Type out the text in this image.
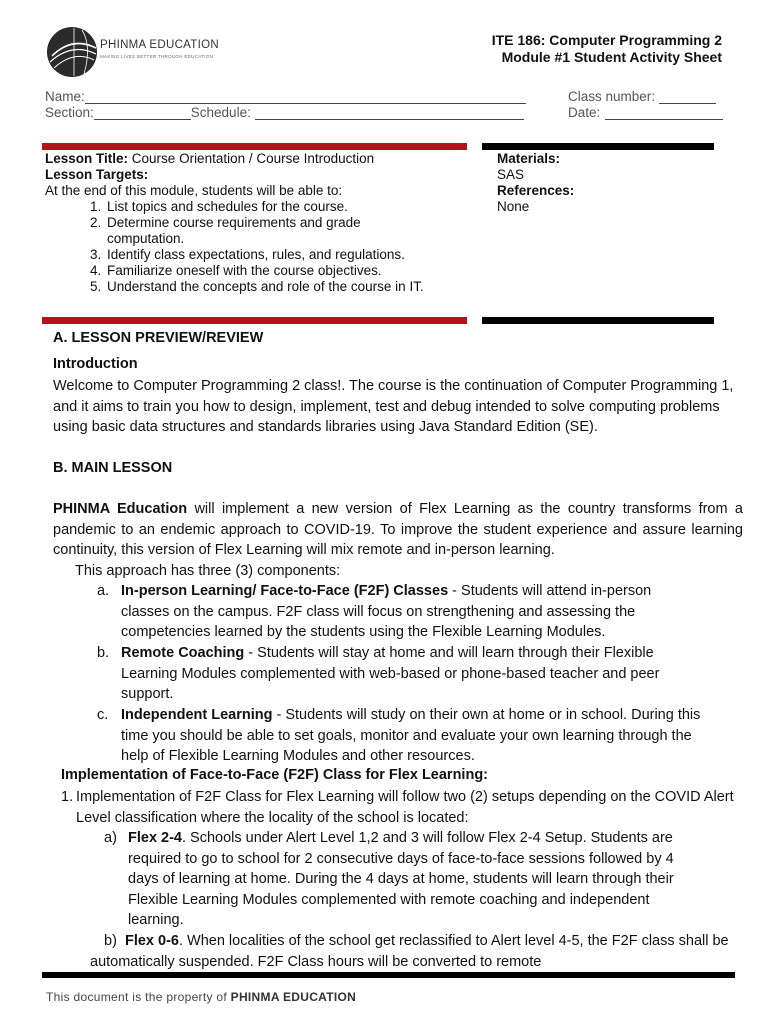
PHINMA EDUCATION
MAKING LIVES BETTER THROUGH EDUCATION
ITE 186: Computer Programming 2
Module #1 Student Activity Sheet
Name:
Section:	Schedule:
Class number:
Date:
Lesson Title: Course Orientation / Course Introduction
Lesson Targets:
At the end of this module, students will be able to:
1. List topics and schedules for the course.
2. Determine course requirements and grade computation.
3. Identify class expectations, rules, and regulations.
4. Familiarize oneself with the course objectives.
5. Understand the concepts and role of the course in IT.
Materials:
SAS
References:
None
A. LESSON PREVIEW/REVIEW
Introduction
Welcome to Computer Programming 2 class!. The course is the continuation of Computer Programming 1, and it aims to train you how to design, implement, test and debug intended to solve computing problems using basic data structures and standards libraries using Java Standard Edition (SE).
B. MAIN LESSON
PHINMA Education will implement a new version of Flex Learning as the country transforms from a pandemic to an endemic approach to COVID-19. To improve the student experience and assure learning continuity, this version of Flex Learning will mix remote and in-person learning.
This approach has three (3) components:
a. In-person Learning/ Face-to-Face (F2F) Classes - Students will attend in-person classes on the campus. F2F class will focus on strengthening and assessing the competencies learned by the students using the Flexible Learning Modules.
b. Remote Coaching - Students will stay at home and will learn through their Flexible Learning Modules complemented with web-based or phone-based teacher and peer support.
c. Independent Learning - Students will study on their own at home or in school. During this time you should be able to set goals, monitor and evaluate your own learning through the help of Flexible Learning Modules and other resources.
Implementation of Face-to-Face (F2F) Class for Flex Learning:
1. Implementation of F2F Class for Flex Learning will follow two (2) setups depending on the COVID Alert Level classification where the locality of the school is located:
a) Flex 2-4. Schools under Alert Level 1,2 and 3 will follow Flex 2-4 Setup. Students are required to go to school for 2 consecutive days of face-to-face sessions followed by 4 days of learning at home. During the 4 days at home, students will learn through their Flexible Learning Modules complemented with remote coaching and independent learning.
b) Flex 0-6. When localities of the school get reclassified to Alert level 4-5, the F2F class shall be automatically suspended. F2F Class hours will be converted to remote
This document is the property of PHINMA EDUCATION
